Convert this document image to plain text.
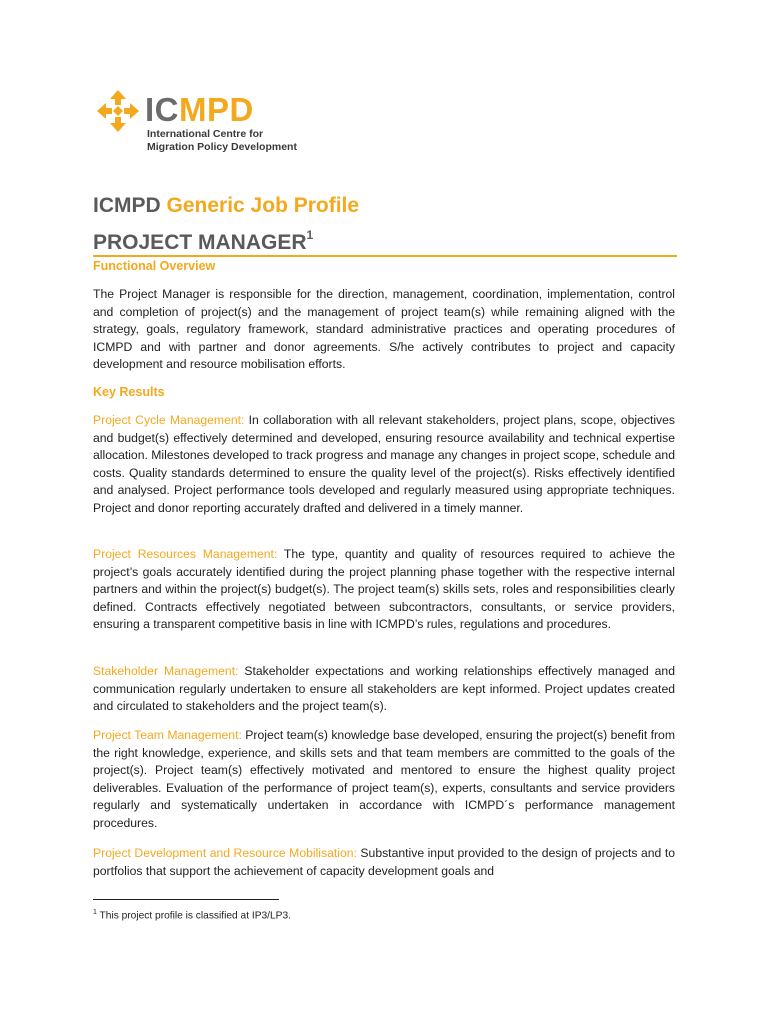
ICMPD
International Centre for
Migration Policy Development
ICMPD Generic Job Profile
PROJECT MANAGER$^1$
Functional Overview
The Project Manager is responsible for the direction, management, coordination, implementation, control and completion of project(s) and the management of project team(s) while remaining aligned with the strategy, goals, regulatory framework, standard administrative practices and operating procedures of ICMPD and with partner and donor agreements. S/he actively contributes to project and capacity development and resource mobilisation efforts.
Key Results
Project Cycle Management: In collaboration with all relevant stakeholders, project plans, scope, objectives and budget(s) effectively determined and developed, ensuring resource availability and technical expertise allocation. Milestones developed to track progress and manage any changes in project scope, schedule and costs. Quality standards determined to ensure the quality level of the project(s). Risks effectively identified and analysed. Project performance tools developed and regularly measured using appropriate techniques. Project and donor reporting accurately drafted and delivered in a timely manner.
Project Resources Management: The type, quantity and quality of resources required to achieve the project’s goals accurately identified during the project planning phase together with the respective internal partners and within the project(s) budget(s). The project team(s) skills sets, roles and responsibilities clearly defined. Contracts effectively negotiated between subcontractors, consultants, or service providers, ensuring a transparent competitive basis in line with ICMPD’s rules, regulations and procedures.
Stakeholder Management: Stakeholder expectations and working relationships effectively managed and communication regularly undertaken to ensure all stakeholders are kept informed. Project updates created and circulated to stakeholders and the project team(s).
Project Team Management: Project team(s) knowledge base developed, ensuring the project(s) benefit from the right knowledge, experience, and skills sets and that team members are committed to the goals of the project(s). Project team(s) effectively motivated and mentored to ensure the highest quality project deliverables. Evaluation of the performance of project team(s), experts, consultants and service providers regularly and systematically undertaken in accordance with ICMPD´s performance management procedures.
Project Development and Resource Mobilisation: Substantive input provided to the design of projects and to portfolios that support the achievement of capacity development goals and
$^1$ This project profile is classified at IP3/LP3.
